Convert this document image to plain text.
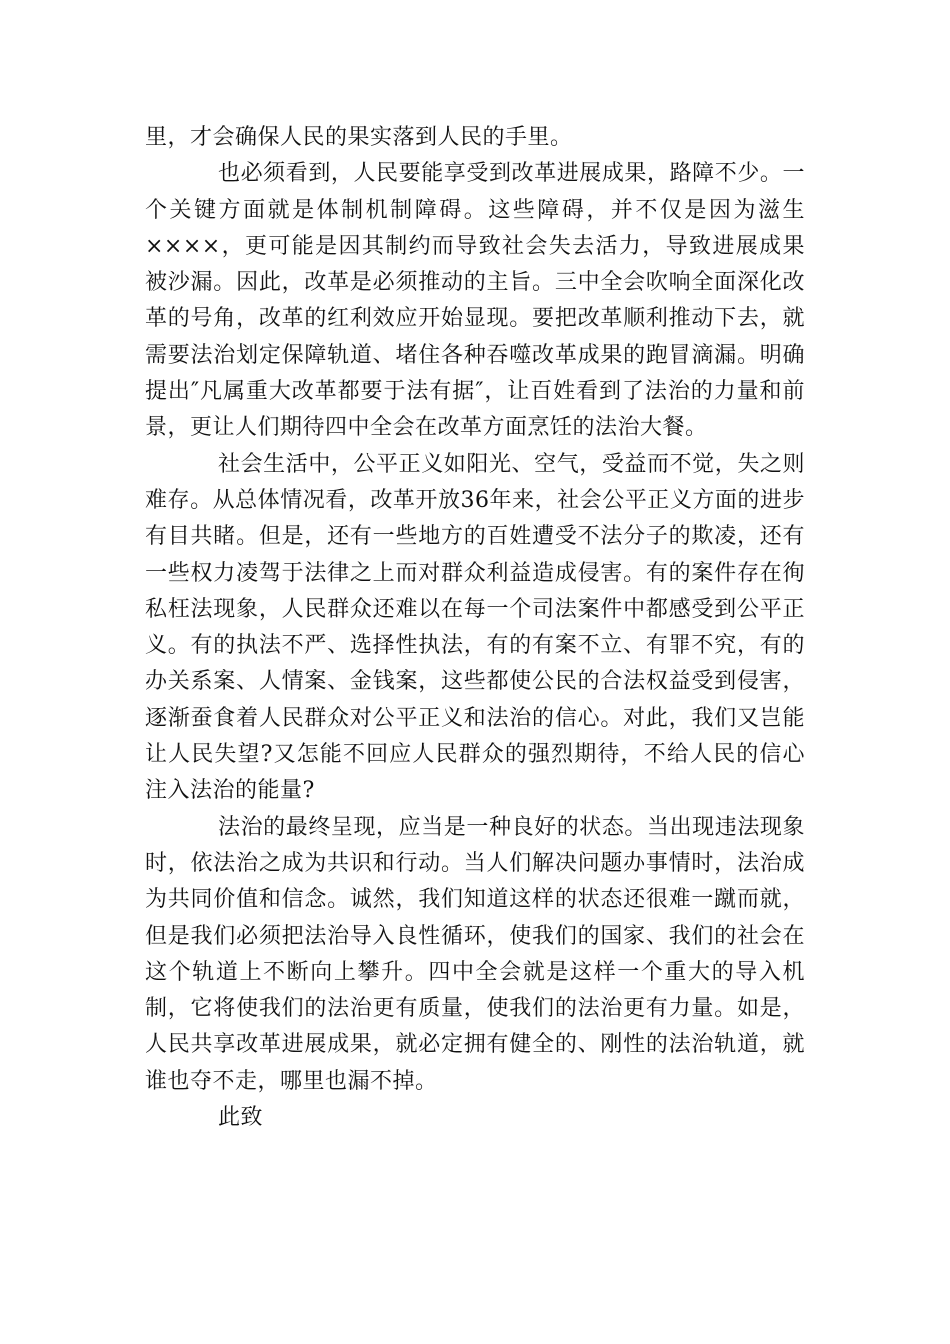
里，才会确保人民的果实落到人民的手里。

也必须看到，人民要能享受到改革进展成果，路障不少。一个关键方面就是体制机制障碍。这些障碍，并不仅是因为滋生××××，更可能是因其制约而导致社会失去活力，导致进展成果被沙漏。因此，改革是必须推动的主旨。三中全会吹响全面深化改革的号角，改革的红利效应开始显现。要把改革顺利推动下去，就需要法治划定保障轨道、堵住各种吞噬改革成果的跑冒滴漏。明确提出″凡属重大改革都要于法有据″，让百姓看到了法治的力量和前景，更让人们期待四中全会在改革方面烹饪的法治大餐。

社会生活中，公平正义如阳光、空气，受益而不觉，失之则难存。从总体情况看，改革开放36年来，社会公平正义方面的进步有目共睹。但是，还有一些地方的百姓遭受不法分子的欺凌，还有一些权力凌驾于法律之上而对群众利益造成侵害。有的案件存在徇私枉法现象，人民群众还难以在每一个司法案件中都感受到公平正义。有的执法不严、选择性执法，有的有案不立、有罪不究，有的办关系案、人情案、金钱案，这些都使公民的合法权益受到侵害，逐渐蚕食着人民群众对公平正义和法治的信心。对此，我们又岂能让人民失望?又怎能不回应人民群众的强烈期待，不给人民的信心注入法治的能量?

法治的最终呈现，应当是一种良好的状态。当出现违法现象时，依法治之成为共识和行动。当人们解决问题办事情时，法治成为共同价值和信念。诚然，我们知道这样的状态还很难一蹴而就，但是我们必须把法治导入良性循环，使我们的国家、我们的社会在这个轨道上不断向上攀升。四中全会就是这样一个重大的导入机制，它将使我们的法治更有质量，使我们的法治更有力量。如是，人民共享改革进展成果，就必定拥有健全的、刚性的法治轨道，就谁也夺不走，哪里也漏不掉。

此致
